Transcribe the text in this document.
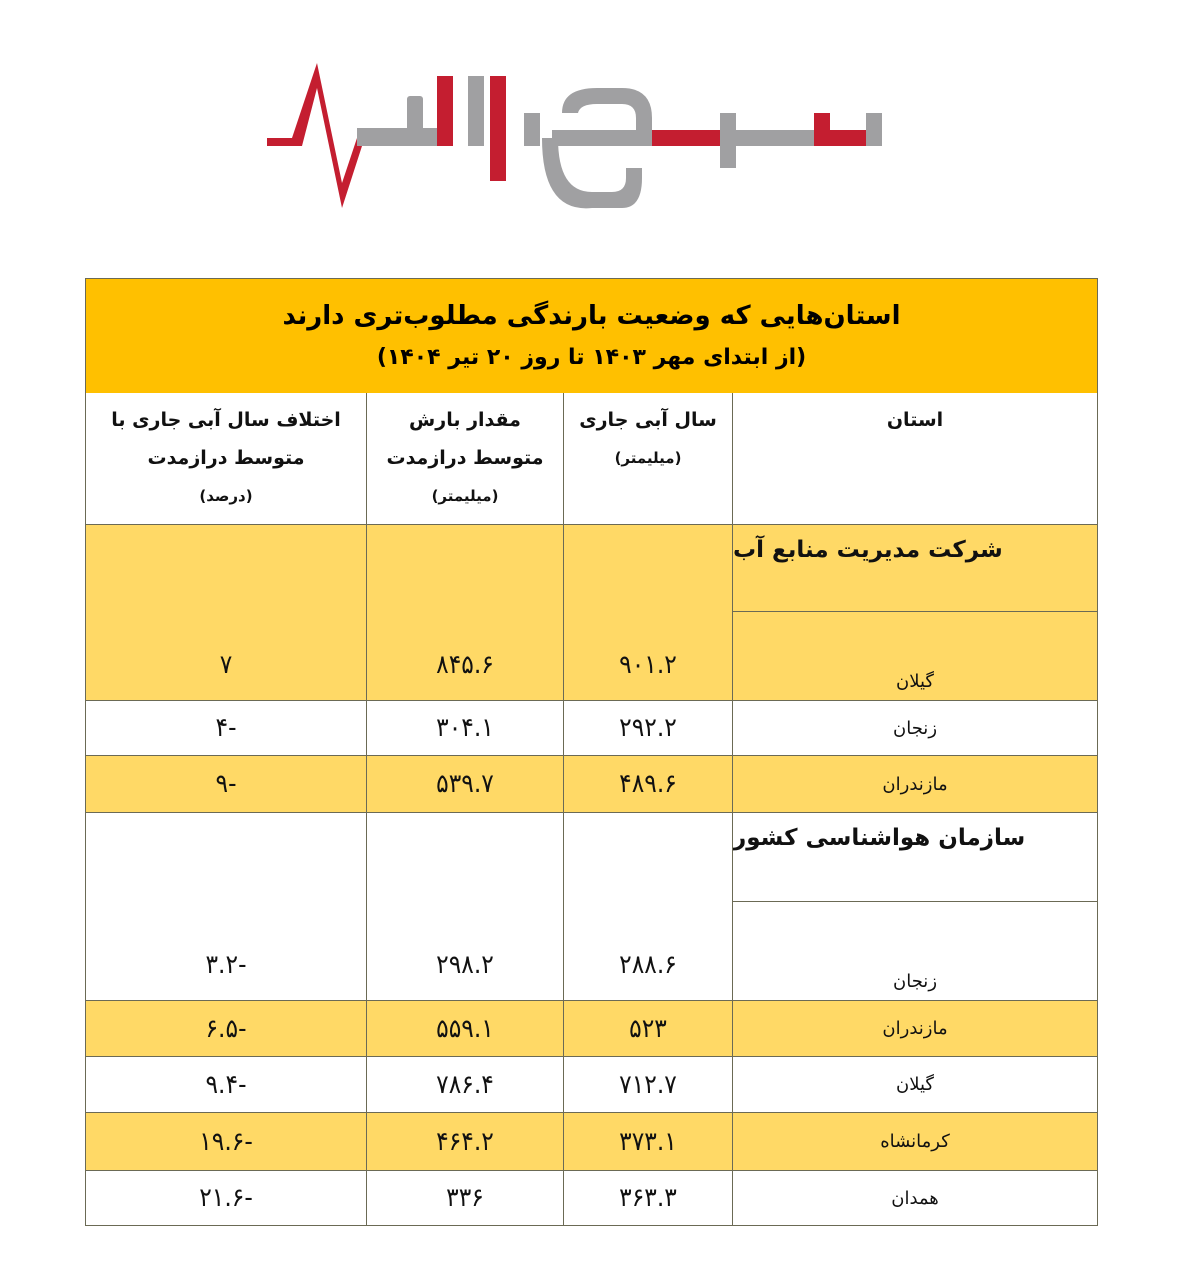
استان‌هایی که وضعیت بارندگی مطلوب‌تری دارند
(از ابتدای مهر ۱۴۰۳ تا روز ۲۰ تیر ۱۴۰۴)
استان
سال آبی جاری
(میلیمتر)
مقدار بارش
متوسط درازمدت
(میلیمتر)
اختلاف سال آبی جاری با
متوسط درازمدت
(درصد)
شرکت مدیریت منابع آب
گیلان
۹۰۱.۲
۸۴۵.۶
۷
زنجان
۲۹۲.۲
۳۰۴.۱
-۴
مازندران
۴۸۹.۶
۵۳۹.۷
-۹
سازمان هواشناسی کشور
زنجان
۲۸۸.۶
۲۹۸.۲
-۳.۲
مازندران
۵۲۳
۵۵۹.۱
-۶.۵
گیلان
۷۱۲.۷
۷۸۶.۴
-۹.۴
کرمانشاه
۳۷۳.۱
۴۶۴.۲
-۱۹.۶
همدان
۳۶۳.۳
۳۳۶
-۲۱.۶
